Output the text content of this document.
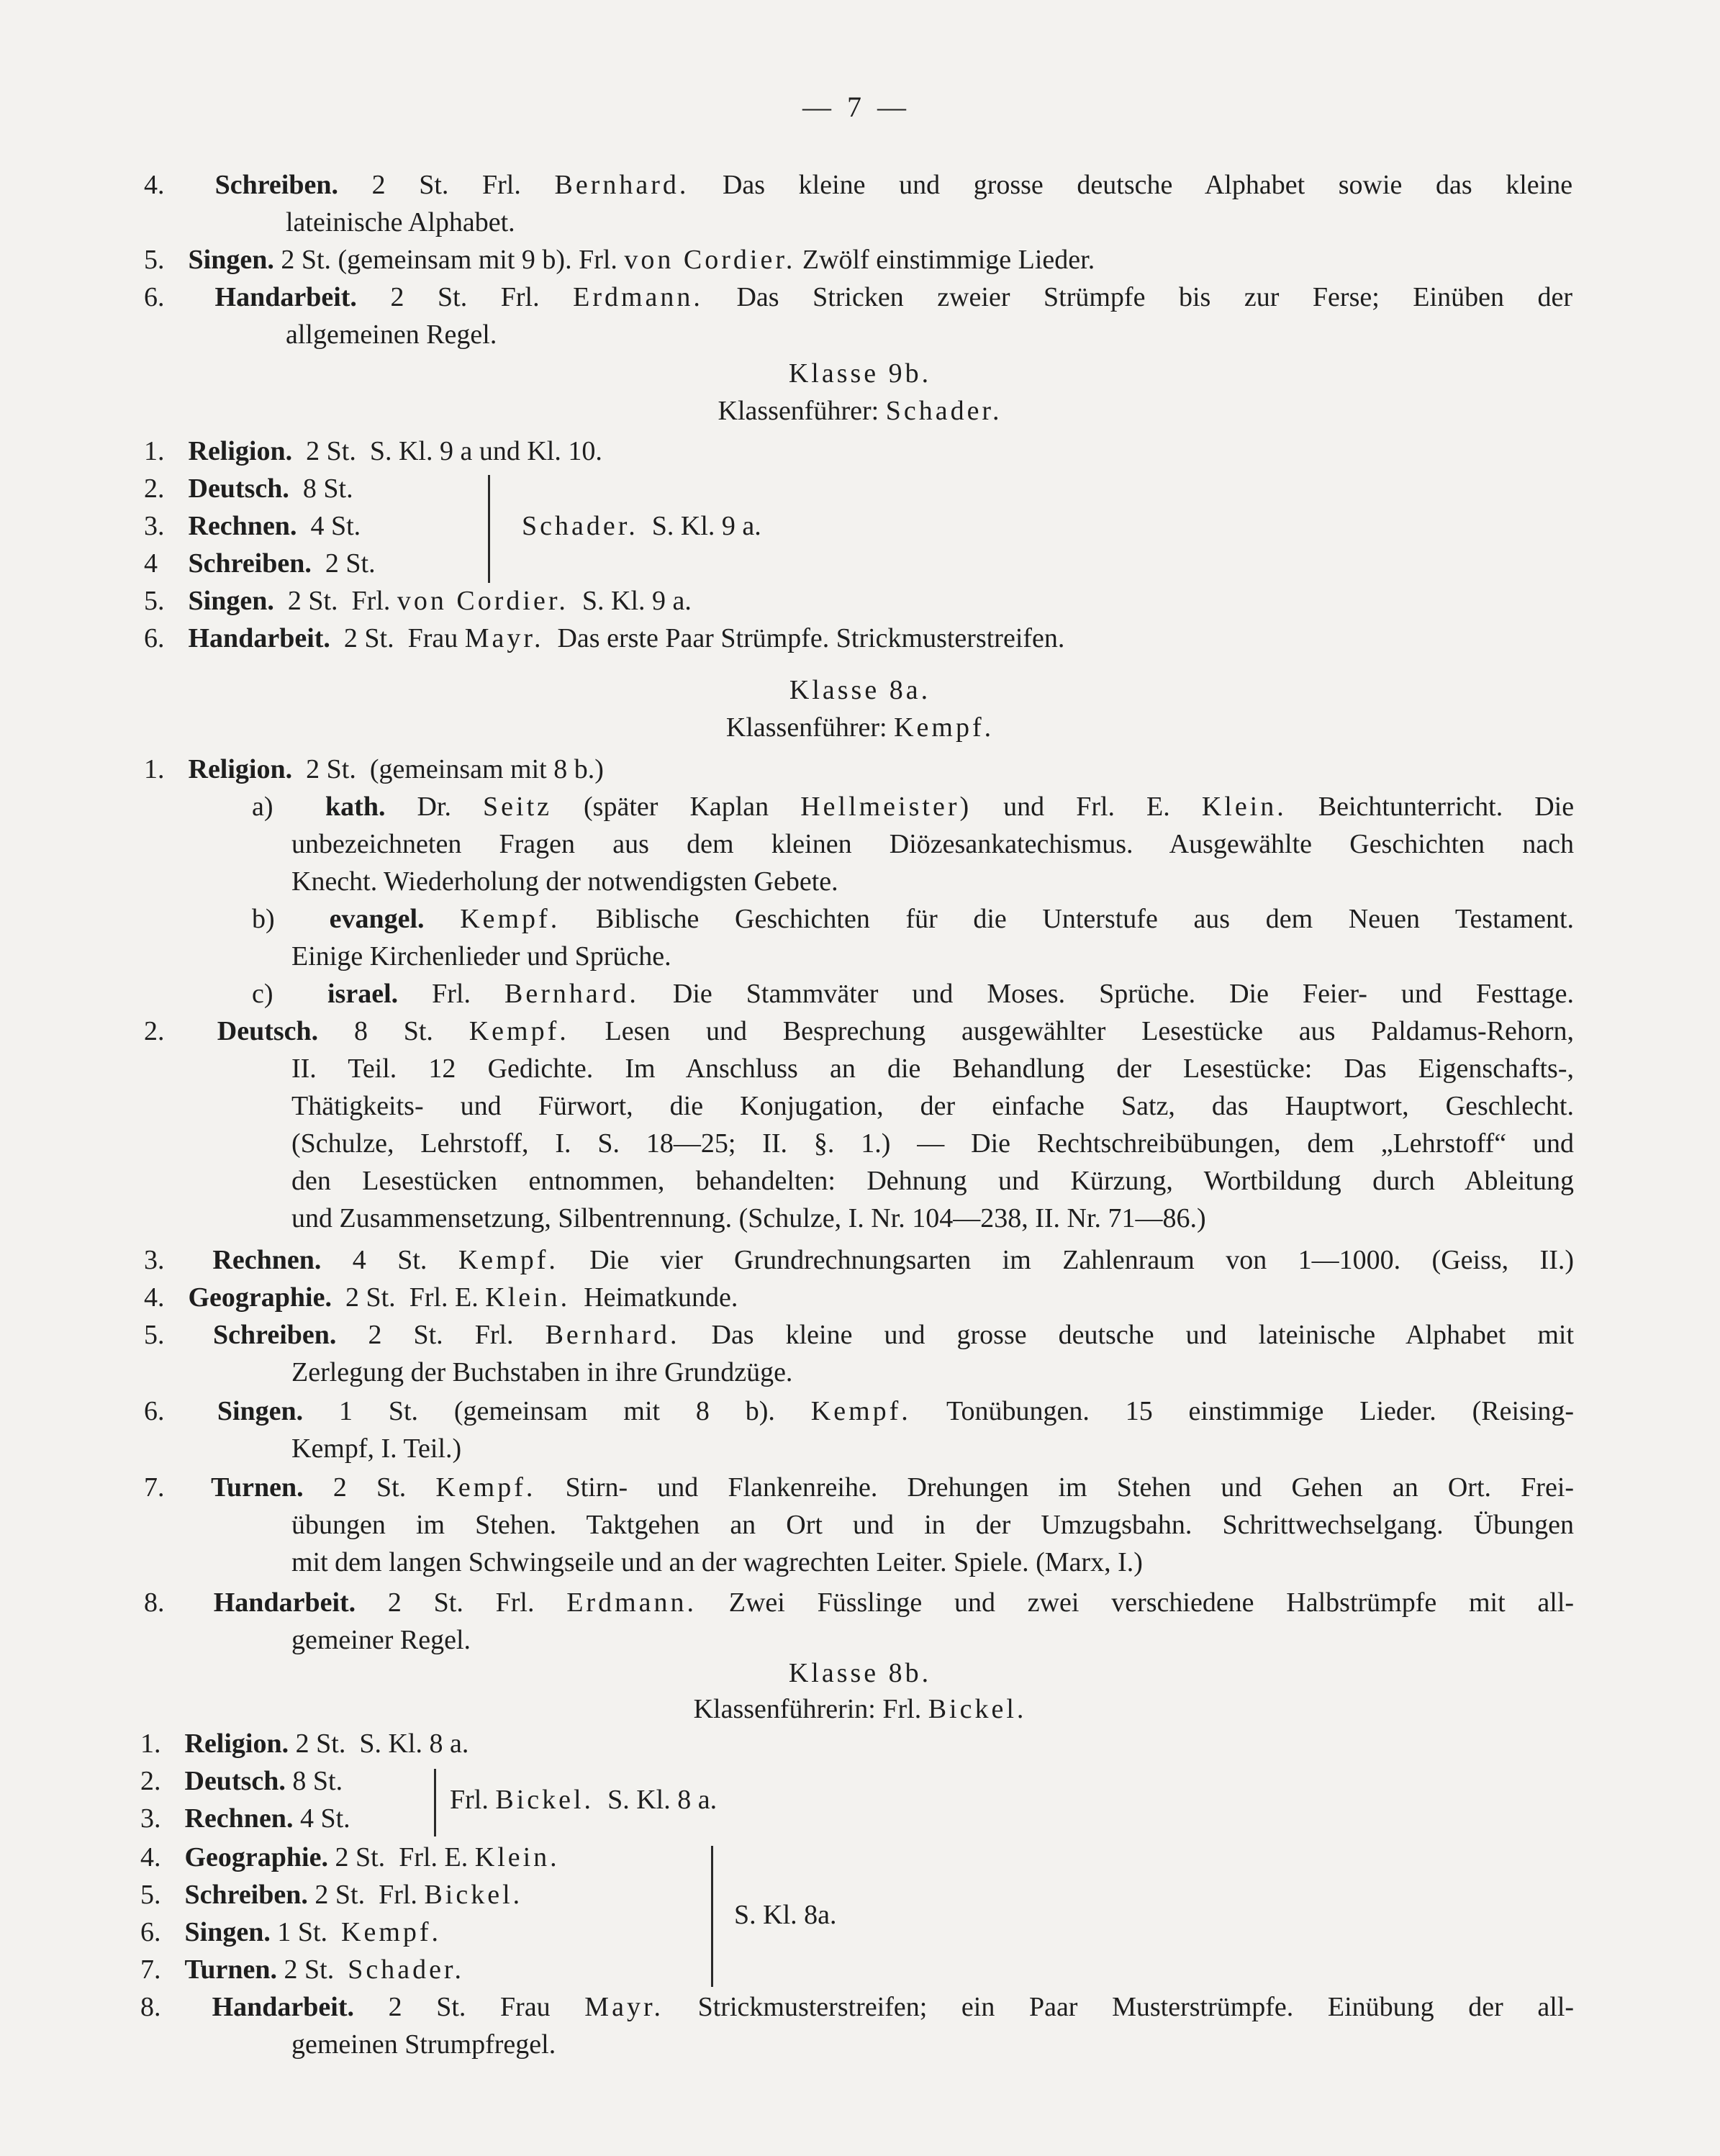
— 7 —
4. Schreiben. 2 St. Frl. Bernhard. Das kleine und grosse deutsche Alphabet sowie das kleine
lateinische Alphabet.
5. Singen. 2 St. (gemeinsam mit 9 b). Frl. von Cordier. Zwölf einstimmige Lieder.
6. Handarbeit. 2 St. Frl. Erdmann. Das Stricken zweier Strümpfe bis zur Ferse; Einüben der
allgemeinen Regel.
Klasse 9b.
Klassenführer: Schader.
1. Religion. 2 St. S. Kl. 9 a und Kl. 10.
2. Deutsch. 8 St.
3. Rechnen. 4 St.
4 Schreiben. 2 St.
Schader. S. Kl. 9 a.
5. Singen. 2 St. Frl. von Cordier. S. Kl. 9 a.
6. Handarbeit. 2 St. Frau Mayr. Das erste Paar Strümpfe. Strickmusterstreifen.
Klasse 8a.
Klassenführer: Kempf.
1. Religion. 2 St. (gemeinsam mit 8 b.)
a) kath. Dr. Seitz (später Kaplan Hellmeister) und Frl. E. Klein. Beichtunterricht. Die
unbezeichneten Fragen aus dem kleinen Diözesankatechismus. Ausgewählte Geschichten nach
Knecht. Wiederholung der notwendigsten Gebete.
b) evangel. Kempf. Biblische Geschichten für die Unterstufe aus dem Neuen Testament.
Einige Kirchenlieder und Sprüche.
c) israel. Frl. Bernhard. Die Stammväter und Moses. Sprüche. Die Feier- und Festtage.
2. Deutsch. 8 St. Kempf. Lesen und Besprechung ausgewählter Lesestücke aus Paldamus-Rehorn,
II. Teil. 12 Gedichte. Im Anschluss an die Behandlung der Lesestücke: Das Eigenschafts-,
Thätigkeits- und Fürwort, die Konjugation, der einfache Satz, das Hauptwort, Geschlecht.
(Schulze, Lehrstoff, I. S. 18—25; II. §. 1.) — Die Rechtschreibübungen, dem „Lehrstoff“ und
den Lesestücken entnommen, behandelten: Dehnung und Kürzung, Wortbildung durch Ableitung
und Zusammensetzung, Silbentrennung. (Schulze, I. Nr. 104—238, II. Nr. 71—86.)
3. Rechnen. 4 St. Kempf. Die vier Grundrechnungsarten im Zahlenraum von 1—1000. (Geiss, II.)
4. Geographie. 2 St. Frl. E. Klein. Heimatkunde.
5. Schreiben. 2 St. Frl. Bernhard. Das kleine und grosse deutsche und lateinische Alphabet mit
Zerlegung der Buchstaben in ihre Grundzüge.
6. Singen. 1 St. (gemeinsam mit 8 b). Kempf. Tonübungen. 15 einstimmige Lieder. (Reising-
Kempf, I. Teil.)
7. Turnen. 2 St. Kempf. Stirn- und Flankenreihe. Drehungen im Stehen und Gehen an Ort. Frei-
übungen im Stehen. Taktgehen an Ort und in der Umzugsbahn. Schrittwechselgang. Übungen
mit dem langen Schwingseile und an der wagrechten Leiter. Spiele. (Marx, I.)
8. Handarbeit. 2 St. Frl. Erdmann. Zwei Füsslinge und zwei verschiedene Halbstrümpfe mit all-
gemeiner Regel.
Klasse 8b.
Klassenführerin: Frl. Bickel.
1. Religion. 2 St. S. Kl. 8 a.
2. Deutsch. 8 St.
3. Rechnen. 4 St.
Frl. Bickel. S. Kl. 8 a.
4. Geographie. 2 St. Frl. E. Klein.
5. Schreiben. 2 St. Frl. Bickel.
6. Singen. 1 St. Kempf.
7. Turnen. 2 St. Schader.
S. Kl. 8a.
8. Handarbeit. 2 St. Frau Mayr. Strickmusterstreifen; ein Paar Musterstrümpfe. Einübung der all-
gemeinen Strumpfregel.
